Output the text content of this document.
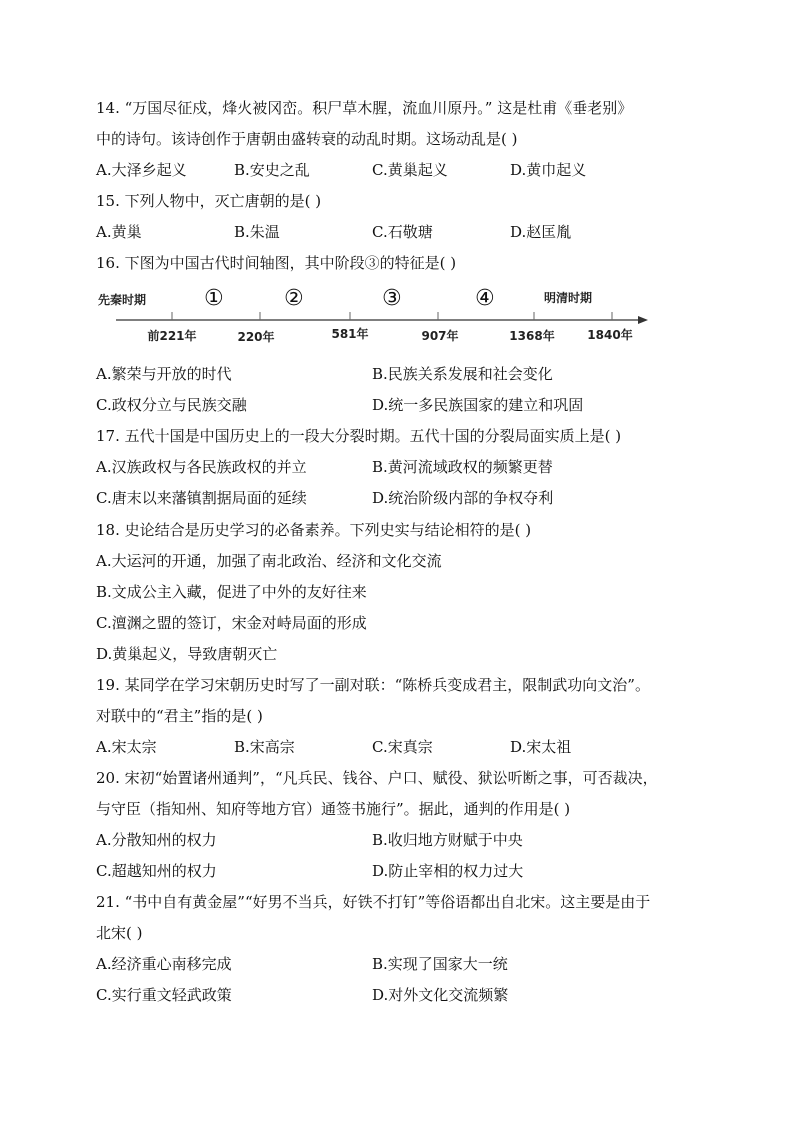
14. “万国尽征戍，烽火被冈峦。积尸草木腥，流血川原丹。” 这是杜甫《垂老别》
中的诗句。该诗创作于唐朝由盛转衰的动乱时期。这场动乱是( )
A.大泽乡起义	B.安史之乱	C.黄巢起义	D.黄巾起义
15. 下列人物中，灭亡唐朝的是( )
A.黄巢	B.朱温	C.石敬瑭	D.赵匡胤
16. 下图为中国古代时间轴图，其中阶段③的特征是( )
先秦时期	明清时期
①	②	③	④
前221年	220年	581年	907年	1368年	1840年
A.繁荣与开放的时代	B.民族关系发展和社会变化
C.政权分立与民族交融	D.统一多民族国家的建立和巩固
17. 五代十国是中国历史上的一段大分裂时期。五代十国的分裂局面实质上是( )
A.汉族政权与各民族政权的并立	B.黄河流域政权的频繁更替
C.唐末以来藩镇割据局面的延续	D.统治阶级内部的争权夺利
18. 史论结合是历史学习的必备素养。下列史实与结论相符的是( )
A.大运河的开通，加强了南北政治、经济和文化交流
B.文成公主入藏，促进了中外的友好往来
C.澶渊之盟的签订，宋金对峙局面的形成
D.黄巢起义，导致唐朝灭亡
19. 某同学在学习宋朝历史时写了一副对联：“陈桥兵变成君主，限制武功向文治”。
对联中的“君主”指的是( )
A.宋太宗	B.宋高宗	C.宋真宗	D.宋太祖
20. 宋初“始置诸州通判”，“凡兵民、钱谷、户口、赋役、狱讼听断之事，可否裁决，
与守臣（指知州、知府等地方官）通签书施行”。据此，通判的作用是( )
A.分散知州的权力	B.收归地方财赋于中央
C.超越知州的权力	D.防止宰相的权力过大
21. “书中自有黄金屋”“好男不当兵，好铁不打钉”等俗语都出自北宋。这主要是由于
北宋( )
A.经济重心南移完成	B.实现了国家大一统
C.实行重文轻武政策	D.对外文化交流频繁
